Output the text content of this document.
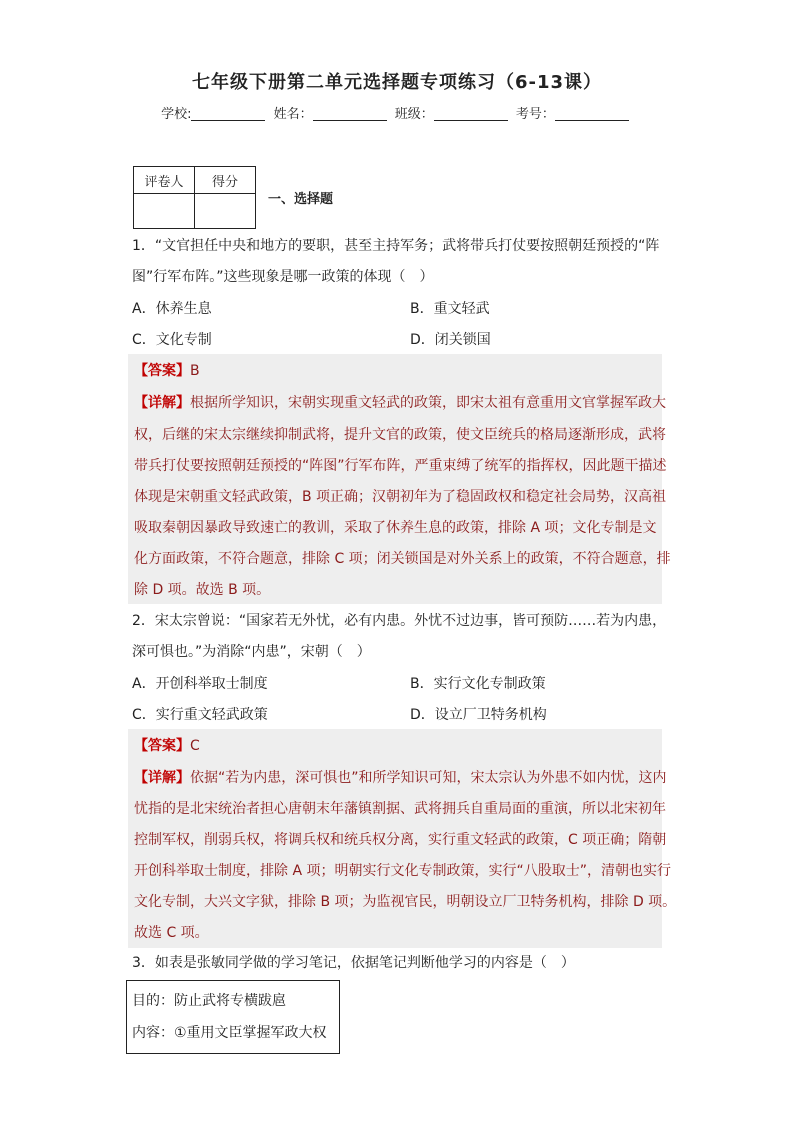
七年级下册第二单元选择题专项练习（6-13课）
学校:	姓名：	班级：	考号：
评卷人	得分

一、选择题
1．“文官担任中央和地方的要职，甚至主持军务；武将带兵打仗要按照朝廷预授的“阵
图”行军布阵。”这些现象是哪一政策的体现（　）
A．休养生息	B．重文轻武
C．文化专制	D．闭关锁国
【答案】B
【详解】根据所学知识，宋朝实现重文轻武的政策，即宋太祖有意重用文官掌握军政大
权，后继的宋太宗继续抑制武将，提升文官的政策，使文臣统兵的格局逐渐形成，武将
带兵打仗要按照朝廷预授的“阵图”行军布阵，严重束缚了统军的指挥权，因此题干描述
体现是宋朝重文轻武政策，B 项正确；汉朝初年为了稳固政权和稳定社会局势，汉高祖
吸取秦朝因暴政导致速亡的教训，采取了休养生息的政策，排除 A 项；文化专制是文
化方面政策，不符合题意，排除 C 项；闭关锁国是对外关系上的政策，不符合题意，排
除 D 项。故选 B 项。
2．宋太宗曾说：“国家若无外忧，必有内患。外忧不过边事，皆可预防……若为内患，
深可惧也。”为消除“内患”，宋朝（　）
A．开创科举取士制度	B．实行文化专制政策
C．实行重文轻武政策	D．设立厂卫特务机构
【答案】C
【详解】依据“若为内患，深可惧也”和所学知识可知，宋太宗认为外患不如内忧，这内
忧指的是北宋统治者担心唐朝末年藩镇割据、武将拥兵自重局面的重演，所以北宋初年
控制军权，削弱兵权，将调兵权和统兵权分离，实行重文轻武的政策，C 项正确；隋朝
开创科举取士制度，排除 A 项；明朝实行文化专制政策，实行“八股取士”，清朝也实行
文化专制，大兴文字狱，排除 B 项；为监视官民，明朝设立厂卫特务机构，排除 D 项。
故选 C 项。
3．如表是张敏同学做的学习笔记，依据笔记判断他学习的内容是（　）
目的：防止武将专横跋扈
内容：①重用文臣掌握军政大权
